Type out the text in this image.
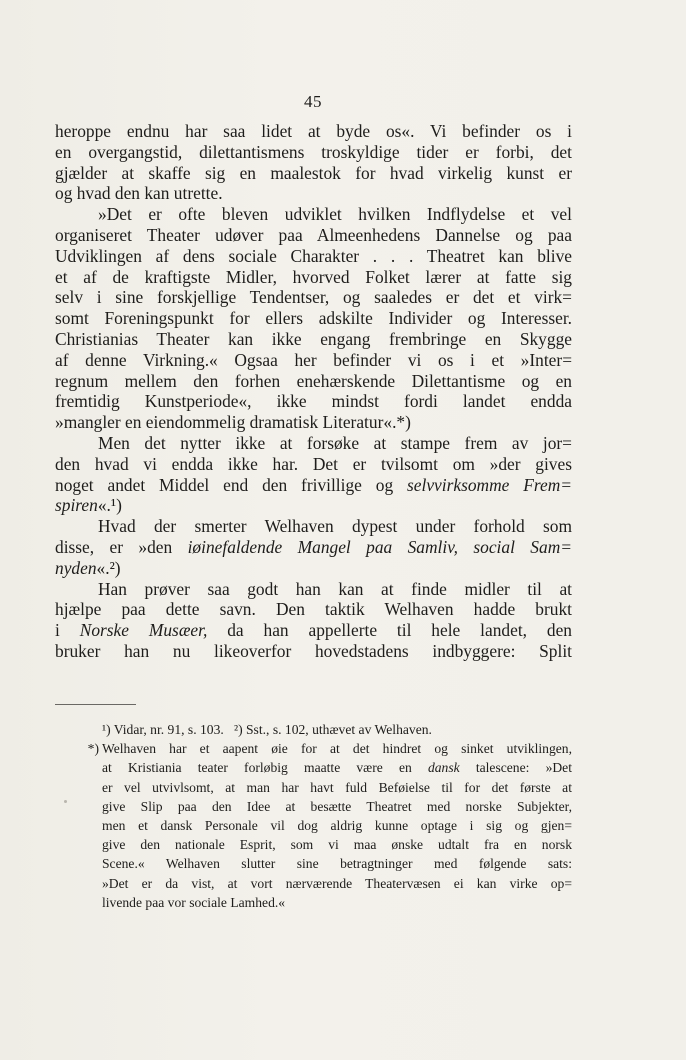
45
heroppe endnu har saa lidet at byde os«. Vi befinder os i
en overgangstid, dilettantismens troskyldige tider er forbi, det
gjælder at skaffe sig en maalestok for hvad virkelig kunst er
og hvad den kan utrette.
»Det er ofte bleven udviklet hvilken Indflydelse et vel
organiseret Theater udøver paa Almeenhedens Dannelse og paa
Udviklingen af dens sociale Charakter . . . Theatret kan blive
et af de kraftigste Midler, hvorved Folket lærer at fatte sig
selv i sine forskjellige Tendentser, og saaledes er det et virk=
somt Foreningspunkt for ellers adskilte Individer og Interesser.
Christianias Theater kan ikke engang frembringe en Skygge
af denne Virkning.« Ogsaa her befinder vi os i et »Inter=
regnum mellem den forhen enehærskende Dilettantisme og en
fremtidig Kunstperiode«, ikke mindst fordi landet endda
»mangler en eiendommelig dramatisk Literatur«.*)
Men det nytter ikke at forsøke at stampe frem av jor=
den hvad vi endda ikke har. Det er tvilsomt om »der gives
noget andet Middel end den frivillige og selvvirksomme Frem=
spiren«.¹)
Hvad der smerter Welhaven dypest under forhold som
disse, er »den iøinefaldende Mangel paa Samliv, social Sam=
nyden«.²)
Han prøver saa godt han kan at finde midler til at
hjælpe paa dette savn. Den taktik Welhaven hadde brukt
i Norske Musæer, da han appellerte til hele landet, den
bruker han nu likeoverfor hovedstadens indbyggere: Split
¹) Vidar, nr. 91, s. 103. ²) Sst., s. 102, uthævet av Welhaven.
*) Welhaven har et aapent øie for at det hindret og sinket utviklingen,
at Kristiania teater forløbig maatte være en dansk talescene: »Det
er vel utvivlsomt, at man har havt fuld Beføielse til for det første at
give Slip paa den Idee at besætte Theatret med norske Subjekter,
men et dansk Personale vil dog aldrig kunne optage i sig og gjen=
give den nationale Esprit, som vi maa ønske udtalt fra en norsk
Scene.« Welhaven slutter sine betragtninger med følgende sats:
»Det er da vist, at vort nærværende Theatervæsen ei kan virke op=
livende paa vor sociale Lamhed.«
